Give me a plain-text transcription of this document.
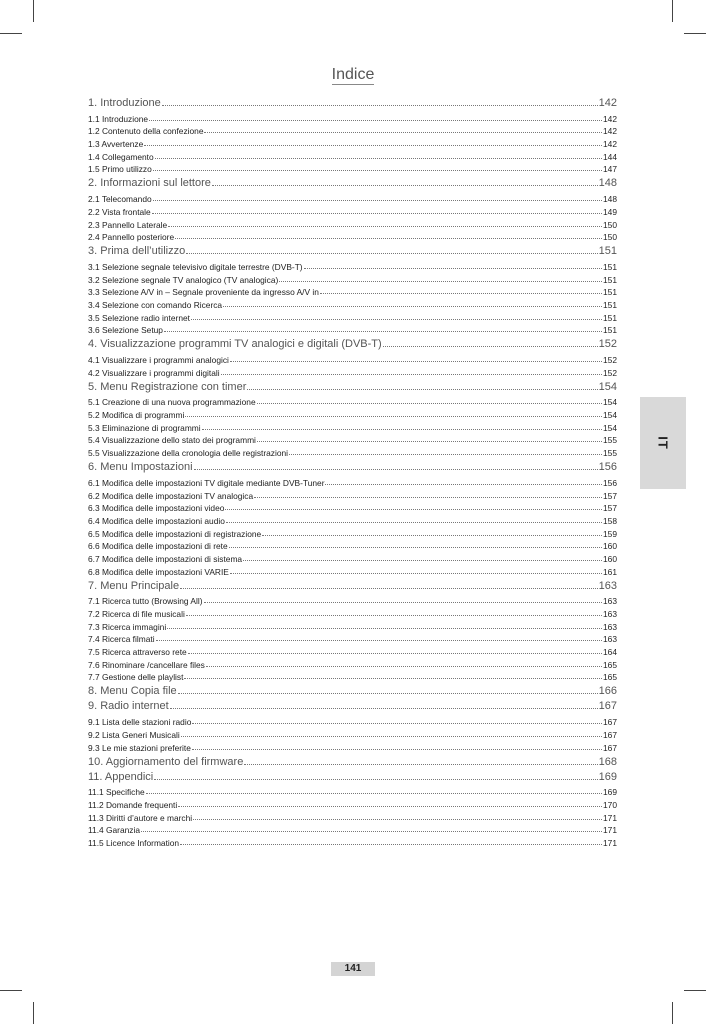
Indice
1. Introduzione	142
1.1 Introduzione	142
1.2 Contenuto della confezione	142
1.3 Avvertenze	142
1.4 Collegamento	144
1.5 Primo utilizzo	147
2. Informazioni sul lettore	148
2.1 Telecomando	148
2.2 Vista frontale	149
2.3 Pannello Laterale	150
2.4 Pannello posteriore	150
3. Prima dell’utilizzo	151
3.1 Selezione segnale televisivo digitale terrestre (DVB-T)	151
3.2 Selezione segnale TV analogico (TV analogica)	151
3.3 Selezione A/V in – Segnale proveniente da ingresso A/V in	151
3.4 Selezione con comando Ricerca	151
3.5 Selezione radio internet	151
3.6 Selezione Setup	151
4. Visualizzazione programmi TV analogici e digitali (DVB-T)	152
4.1 Visualizzare i programmi analogici	152
4.2 Visualizzare i programmi digitali	152
5. Menu Registrazione con timer	154
5.1 Creazione di una nuova programmazione	154
5.2 Modifica di programmi	154
5.3 Eliminazione di programmi	154
5.4 Visualizzazione dello stato dei programmi	155
5.5 Visualizzazione della cronologia delle registrazioni	155
6. Menu Impostazioni	156
6.1 Modifica delle impostazioni TV digitale mediante DVB-Tuner	156
6.2 Modifica delle impostazioni TV analogica	157
6.3 Modifica delle impostazioni video	157
6.4 Modifica delle impostazioni audio	158
6.5 Modifica delle impostazioni di registrazione	159
6.6 Modifica delle impostazioni di rete	160
6.7 Modifica delle impostazioni di sistema	160
6.8 Modifica delle impostazioni VARIE	161
7. Menu Principale	163
7.1 Ricerca tutto (Browsing All)	163
7.2 Ricerca di file musicali	163
7.3 Ricerca immagini	163
7.4 Ricerca filmati	163
7.5 Ricerca attraverso rete	164
7.6 Rinominare /cancellare files	165
7.7 Gestione delle playlist	165
8. Menu Copia file	166
9. Radio internet	167
9.1 Lista delle stazioni radio	167
9.2 Lista Generi Musicali	167
9.3 Le mie stazioni preferite	167
10. Aggiornamento del firmware	168
11. Appendici	169
11.1 Specifiche	169
11.2 Domande frequenti	170
11.3 Diritti d’autore e marchi	171
11.4 Garanzia	171
11.5 Licence Information	171
IT
141
